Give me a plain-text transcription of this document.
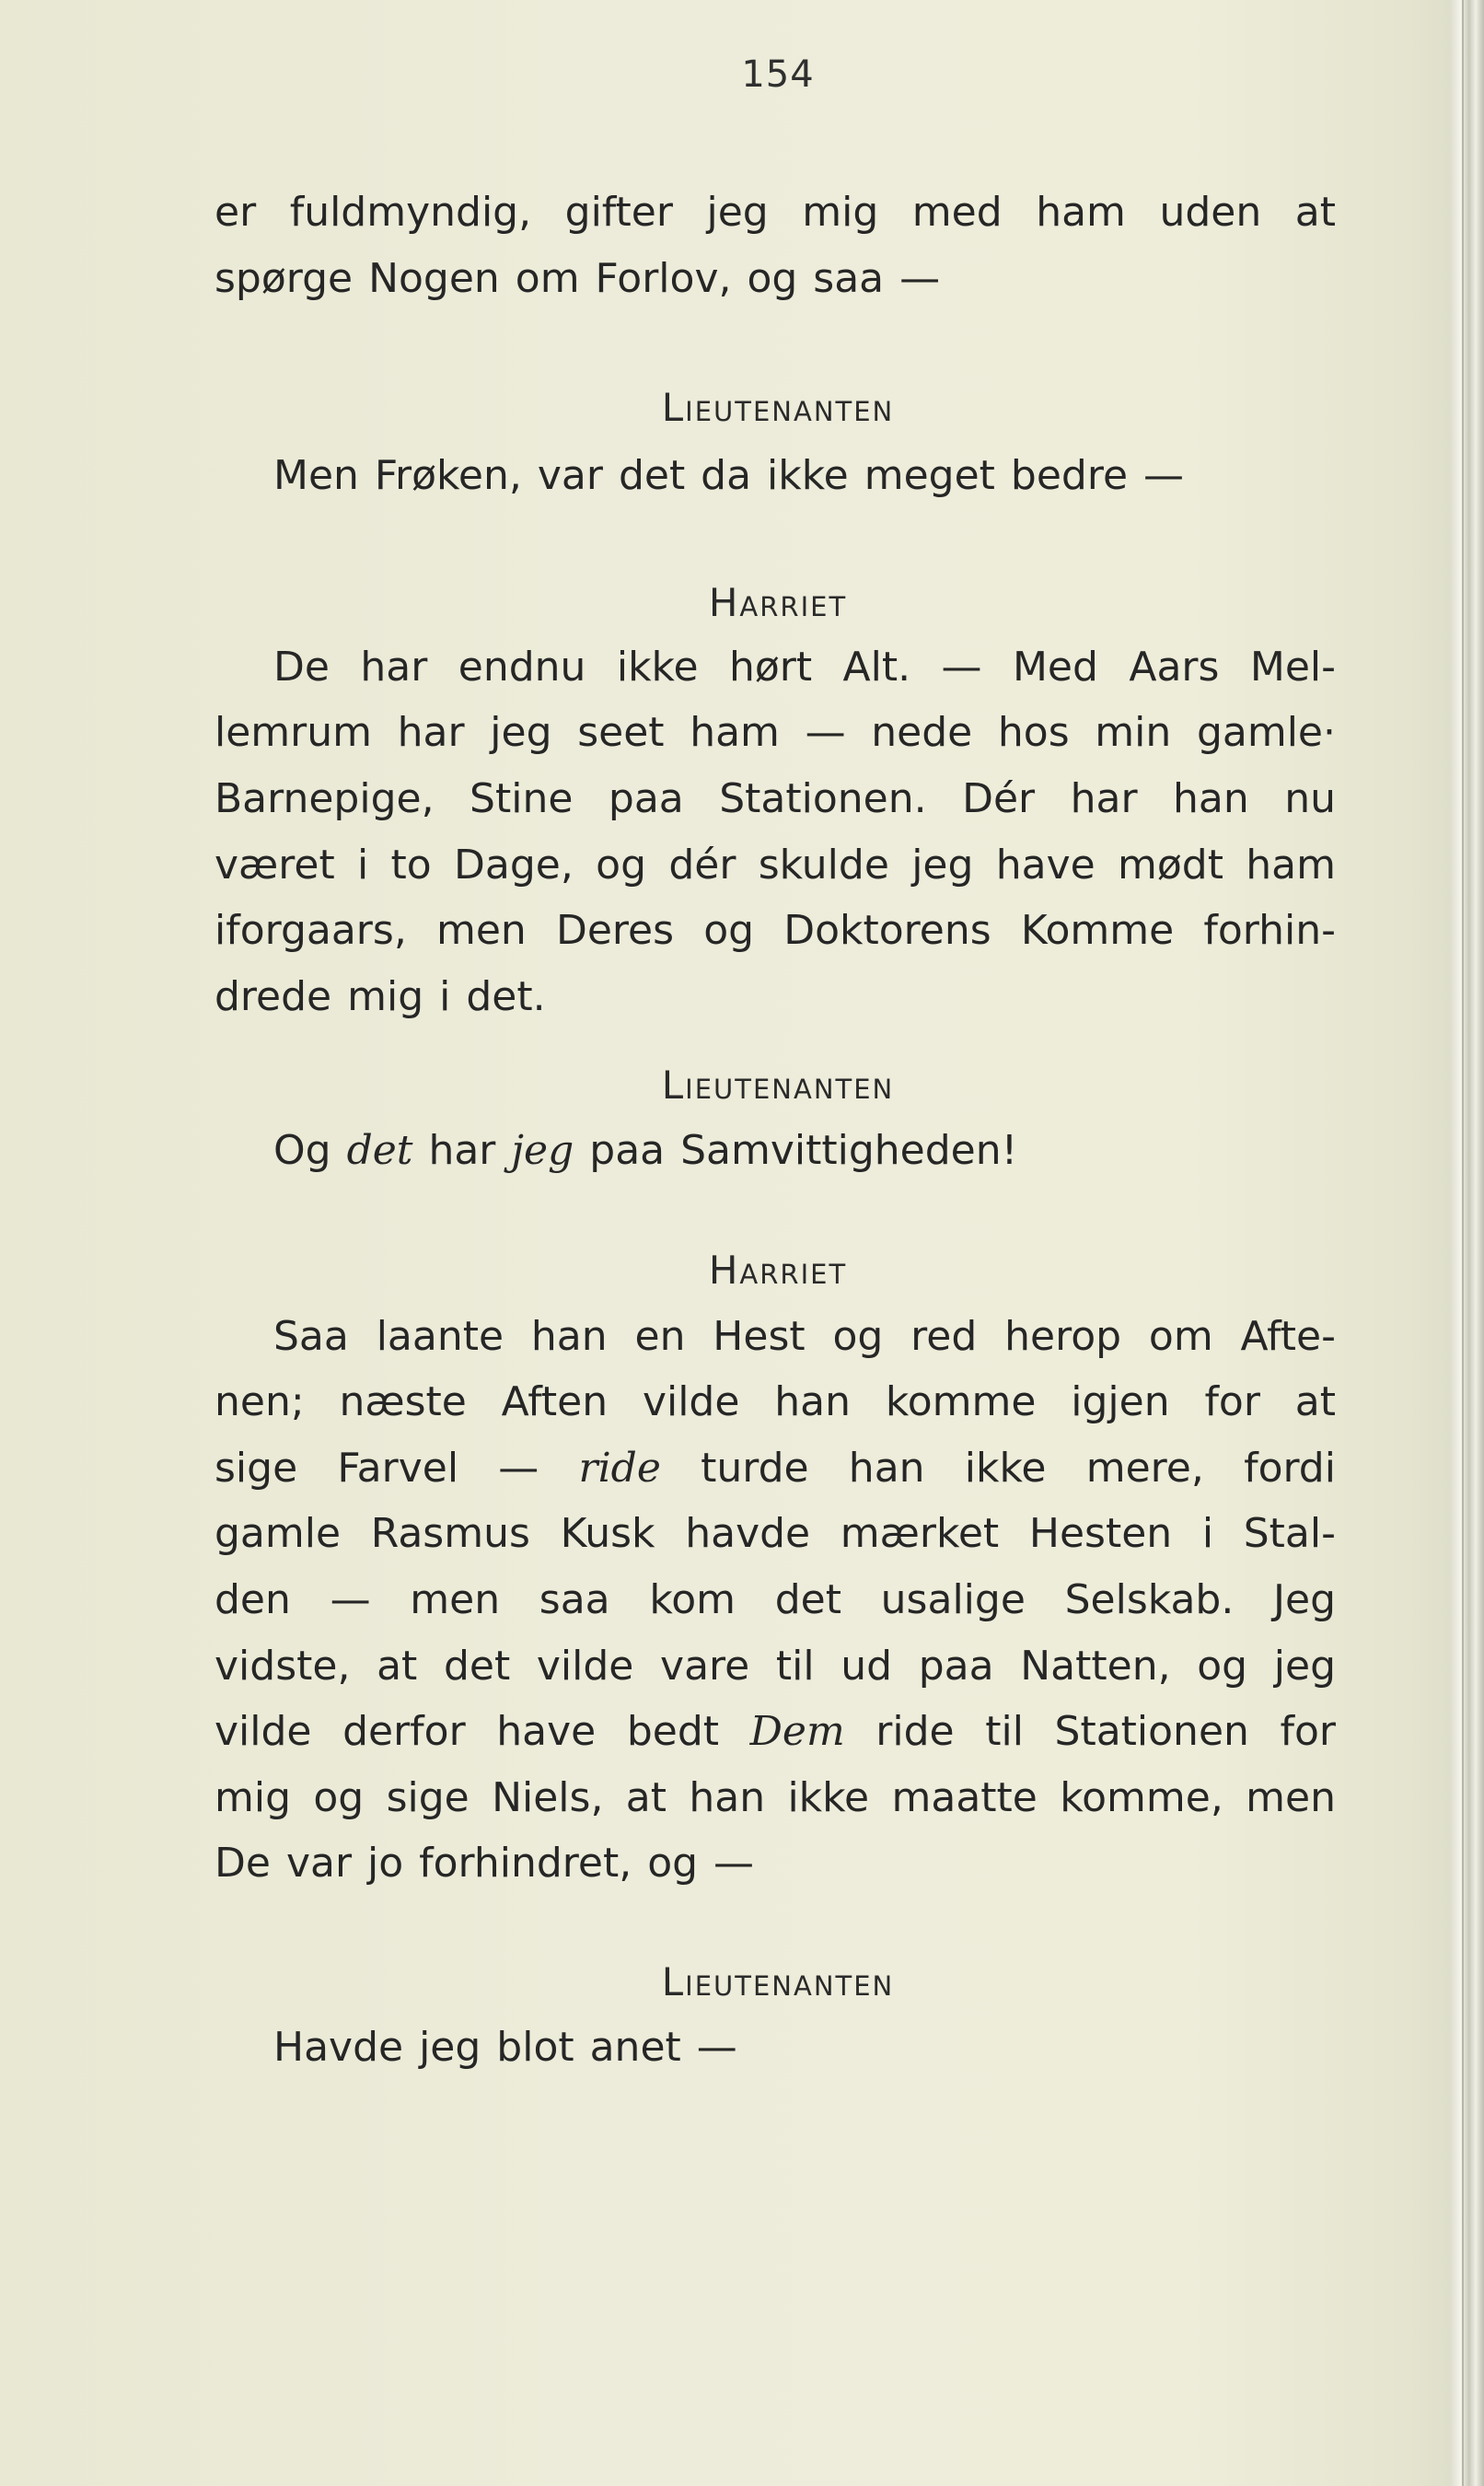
154
er fuldmyndig, gifter jeg mig med ham uden at
spørge Nogen om Forlov, og saa —
Lieutenanten
Men Frøken, var det da ikke meget bedre —
Harriet
De har endnu ikke hørt Alt. — Med Aars Mel-
lemrum har jeg seet ham — nede hos min gamle·
Barnepige, Stine paa Stationen. Dér har han nu
været i to Dage, og dér skulde jeg have mødt ham
iforgaars, men Deres og Doktorens Komme forhin-
drede mig i det.
Lieutenanten
Og det har jeg paa Samvittigheden!
Harriet
Saa laante han en Hest og red herop om Afte-
nen; næste Aften vilde han komme igjen for at
sige Farvel — ride turde han ikke mere, fordi
gamle Rasmus Kusk havde mærket Hesten i Stal-
den — men saa kom det usalige Selskab. Jeg
vidste, at det vilde vare til ud paa Natten, og jeg
vilde derfor have bedt Dem ride til Stationen for
mig og sige Niels, at han ikke maatte komme, men
De var jo forhindret, og —
Lieutenanten
Havde jeg blot anet —
